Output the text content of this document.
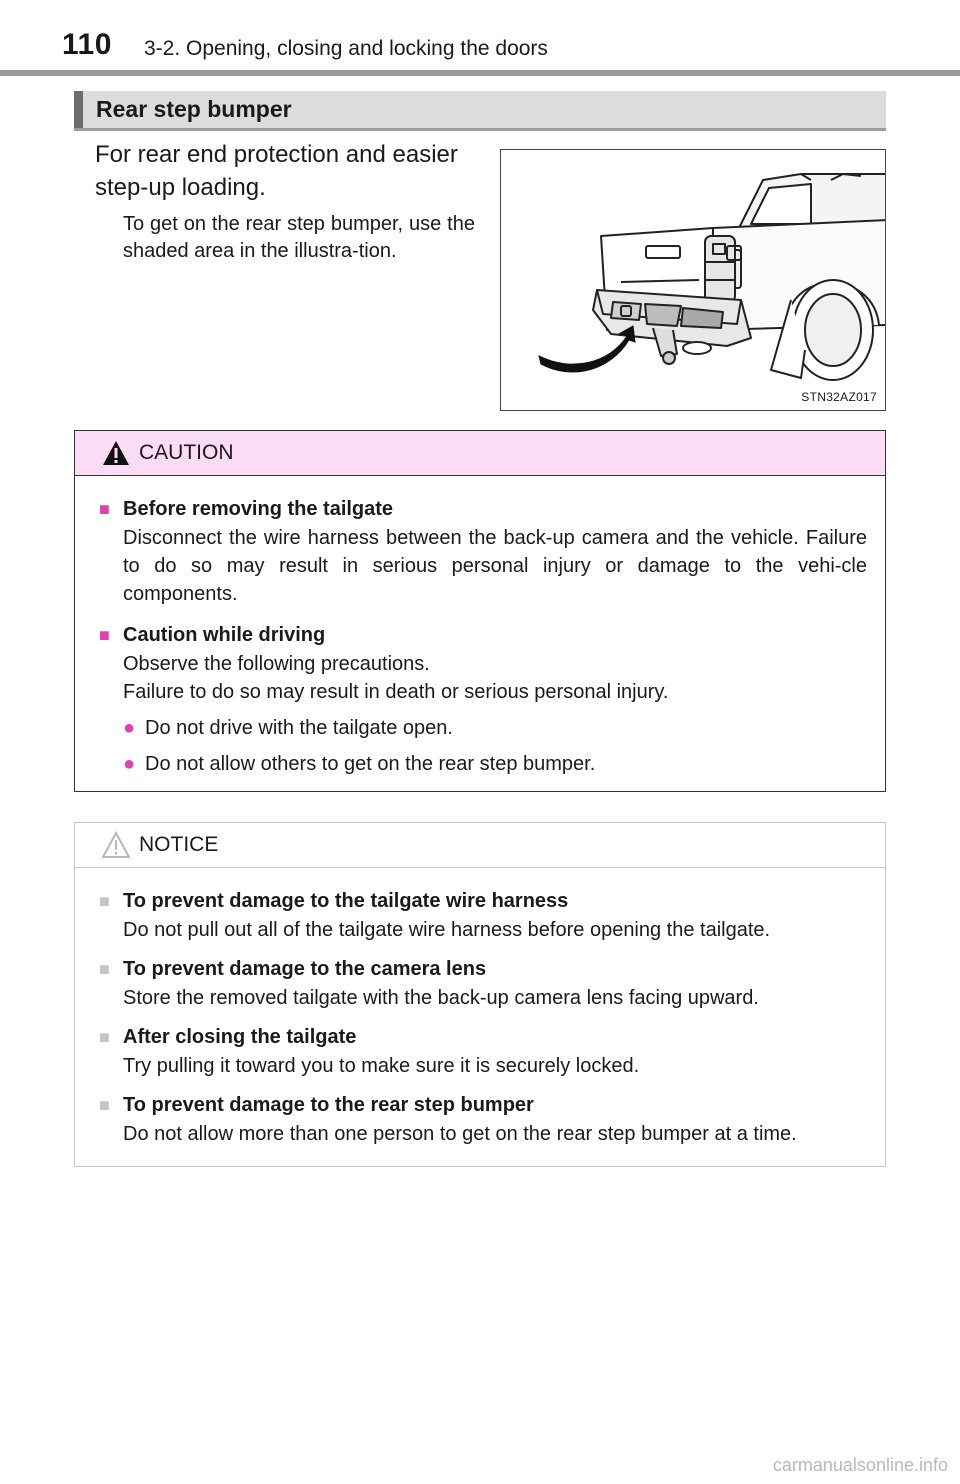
110 3-2. Opening, closing and locking the doors
Rear step bumper
For rear end protection and easier step-up loading.
To get on the rear step bumper, use the shaded area in the illustra-tion.
STN32AZ017
CAUTION
■ Before removing the tailgate
Disconnect the wire harness between the back-up camera and the vehicle. Failure to do so may result in serious personal injury or damage to the vehi-cle components.
■ Caution while driving
Observe the following precautions.
Failure to do so may result in death or serious personal injury.
● Do not drive with the tailgate open.
● Do not allow others to get on the rear step bumper.
NOTICE
■ To prevent damage to the tailgate wire harness
Do not pull out all of the tailgate wire harness before opening the tailgate.
■ To prevent damage to the camera lens
Store the removed tailgate with the back-up camera lens facing upward.
■ After closing the tailgate
Try pulling it toward you to make sure it is securely locked.
■ To prevent damage to the rear step bumper
Do not allow more than one person to get on the rear step bumper at a time.
carmanualsonline.info
